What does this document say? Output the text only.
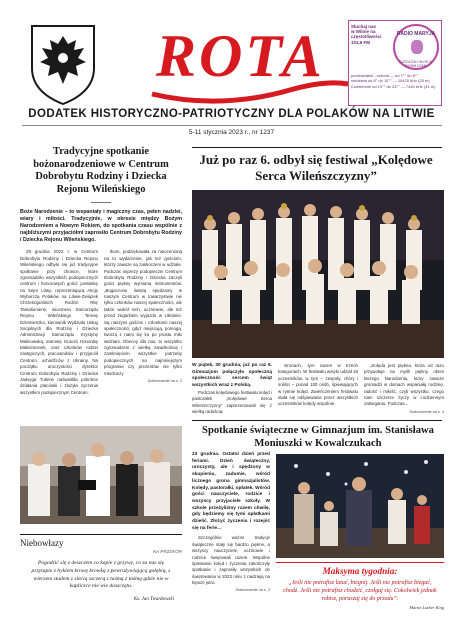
ROTA	Słuchaj nas w Wilnie na częstotliwości 103,6 FM
RADIO MARYJA
KATOLICKI GŁOS W TWOIM DOMU
poniedziałek - sobota — od 7°° do 8°°
niedziela od 8° do 10°° — 10425 kHz (25 m)
Codziennie od 19°° do 24°° — 7440 kHz (41 m)
DODATEK HISTORYCZNO-PATRIOTYCZNY DLA POLAKÓW NA LITWIE
5-11 stycznia 2023 r., nr 1237
Tradycyjne spotkanie bożonarodzeniowe w Centrum Dobrobytu Rodziny i Dziecka Rejonu Wileńskiego

Boże Narodzenie – to wspaniały i magiczny czas, pełen nadziei, wiary i miłości. Tradycyjnie, w okresie między Bożym Narodzeniem a Nowym Rokiem, do spotkania czasu wspólnie z najbliższymi przyjaciółmi zaprosiło Centrum Dobrobytu Rodziny i Dziecka Rejonu Wileńskiego.

29 grudnia 2022 r. w Centrum Dobrobytu Rodziny i Dziecka Rejonu Wileńskiego odbyło się już tradycyjne spotkanie przy choince, które zgromadziło wszystkich podopiecznych centrum i honorowych gości: posłankę na Sejm Litwy, reprezentującą Akcję Wyborczą Polaków na Litwie-Związek Chrześcijańskich Rodzin Ritę Tamašunienė, wicemera Samorządu Rejonu Wileńskiego Teresę Dziemieszko, kierownik Wydziału Usług Socjalnych dla Rodziny i Dziecka Administracji Samorządu Krystynę Malinowską, starostę Gunorii Honoratę Maksimionek, oraz członków rodzin zastępczych, pracowników i przyjaciół Centrum, uchodźców z Ukrainy. Na początku uroczystości dyrektor Centrum Dobrobytu Rodziny i Dziecka Jadvyga Tulienė naświetliła pokrótce działania placówki i złożyła życzenia wszystkim podopiecznym Centrum.

tkom, podziękowała za nieocenioną na to wydarzenie, jak też gościom, którzy zawsze są zaskoczeni w udziale. Podczas imprezy podopieczni Centrum Dobrobytu Rodziny i Dziecka zaczęli gości piękny wymianą instrumentów. „Bogaczone świętą spędzamy w naszym Centrum w towarzystwie nie tylko członków naszej społeczności, ale także wokół nich, uczniowie, ale też przed zegarkiem wyjazdu w Ukrainie. Są naszymi gośćmi i członkami naszej społeczności, gdyż miejscują, pomogą, tworzą z nami się ku po prostu miło widziani. Obecny dla nas, to wszystko zgromadzeni z wielką zaradnością i zamknięciem wszystkie potrzeby podopiecznych na najmniejszym programie czy prezentów nie tylko młodzieży

Dokończenie na s. 2
Niebowłazy
NA PRZEKÓR

Pogodzić się z deszczem co kapie z grzywy, co za nas się przytapie z bykiem krowę krowką z powrażywiającą gołębią, z wiersem stadem z siecią szczerą z taśmą z taśmą gdzie nie w kapliczce nie wie doszczętu.

Ks. Jan Twardowski
Już po raz 6. odbył się festiwal „Kolędowe Serca Wileńszczyzny”

W piątek, 30 grudnia, już po raz 6. Gimnazjum połączyło społeczną społeczność sercem świąt wszystkich wraz z Polską.

Podczas kolędowego festiwalu kolęd i pastorałek „Kolędowe Serca Wileńszczyzny” zaprezentowali się z wielką radością.

stronach, tym razem w trzech kategoriach. W festiwalu wzięło udział 18 uczestników, w tym – zespoły, chóry i soliści – ponad 100 osób, śpiewających w rytmie kolęd. Zwieńczeniem festiwalu stała się odśpiewanie przez wszystkich uczestników kolędy wspólnie.

„Kolęda jest piękna, która od razu przywołuje na myśli piękny okres Bożego Narodzenia, który zawsze gromadzi w domach wspaniałą rodzinę, radość i miłość, czyli wszystko, czego nam szczerze życzy w codziennym zabieganiu. Podczas...

Dokończenie na s. 4
Spotkanie świąteczne w Gimnazjum im. Stanisława Moniuszki w Kowalczukach

23 grudnia. Ostatni dzień przed feriami. Dzień świąteczny, uroczysty, ale i spędzony w skupieniu, zadumie, wśród licznego grona gimnazjalistów. Kolędy, pastorałki, opłatek. Wśród gości nauczyciele, rodzice i wszyscy przyjaciele szkoły. W szkole przeżyliśmy razem chwilę, gdy będziemy się tymi opłatkami dzielić. Złożyć życzenia i rozejść się na ferie...

Szczególnie ważne tradycje świąteczne stały się bardzo piękne, a wszyscy nauczyciele, uczniowie i rodzice świętowali razem. Wspólne śpiewanie kolęd i życzenia zakończyły spotkanie i zaprosiły wszystkich do świętowania w 2023 roku z nadzieją na lepsze jutro.

Dokończenie na s. 3
Maksyma tygodnia:

„Jeśli nie potrafisz latać, biegnij. Jeśli nie potrafisz biegać, chodź. Jeśli nie potrafisz chodzić, czołgaj się. Cokolwiek jednak robisz, poruszaj się do przodu”.

Martin Luther King
